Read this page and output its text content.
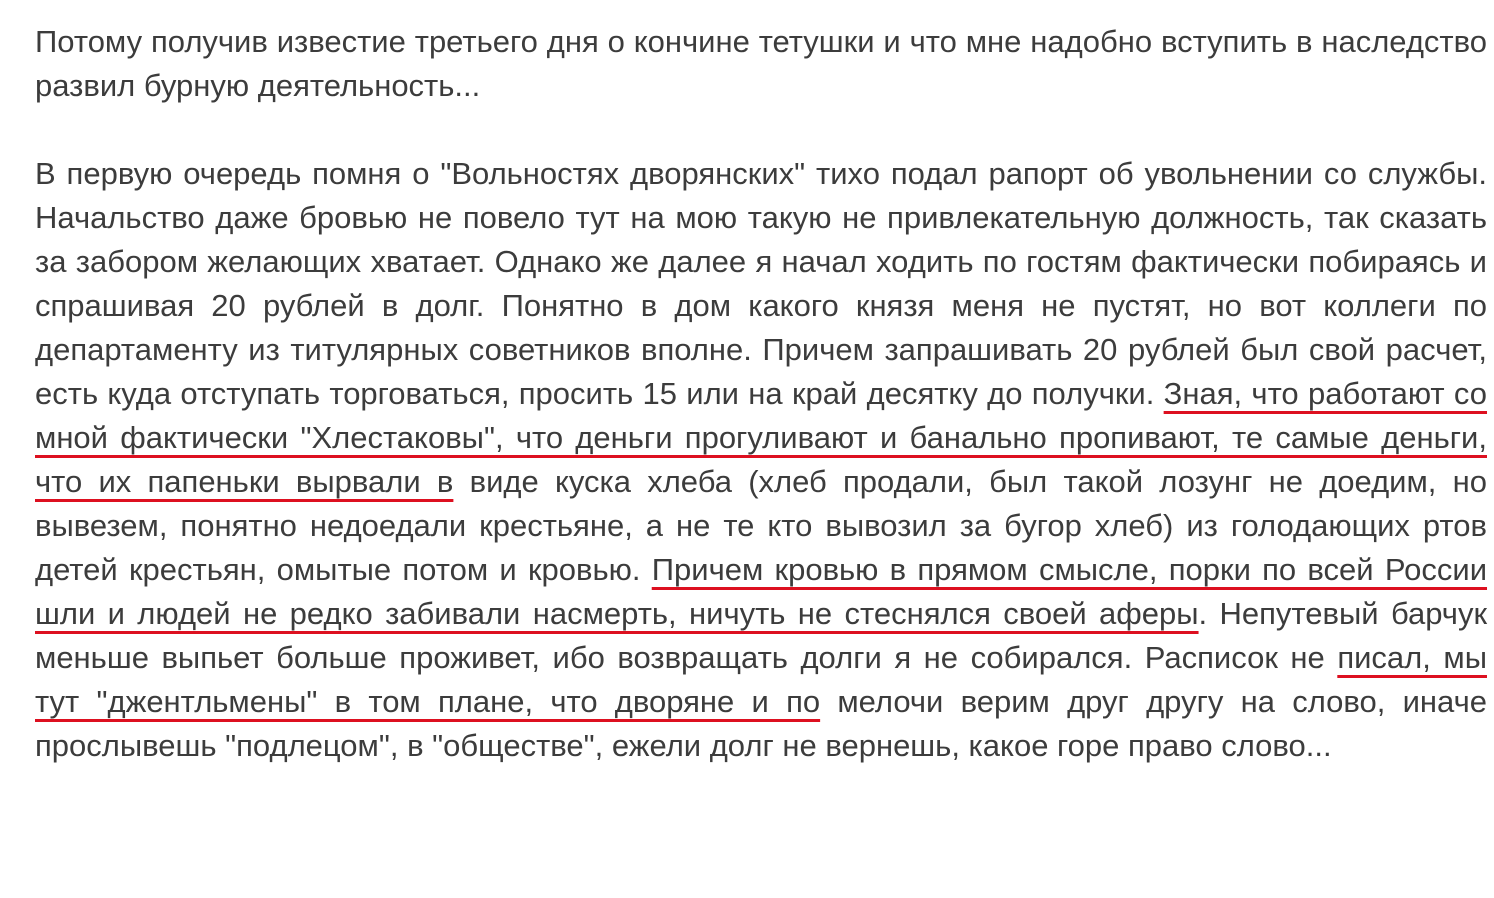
Потому получив известие третьего дня о кончине тетушки и что мне надобно вступить в наследство развил бурную деятельность...

В первую очередь помня о "Вольностях дворянских" тихо подал рапорт об увольнении со службы. Начальство даже бровью не повело тут на мою такую не привлекательную должность, так сказать за забором желающих хватает. Однако же далее я начал ходить по гостям фактически побираясь и спрашивая 20 рублей в долг. Понятно в дом какого князя меня не пустят, но вот коллеги по департаменту из титулярных советников вполне. Причем запрашивать 20 рублей был свой расчет, есть куда отступать торговаться, просить 15 или на край десятку до получки. Зная, что работают со мной фактически "Хлестаковы", что деньги прогуливают и банально пропивают, те самые деньги, что их папеньки вырвали в виде куска хлеба (хлеб продали, был такой лозунг не доедим, но вывезем, понятно недоедали крестьяне, а не те кто вывозил за бугор хлеб) из голодающих ртов детей крестьян, омытые потом и кровью. Причем кровью в прямом смысле, порки по всей России шли и людей не редко забивали насмерть, ничуть не стеснялся своей аферы. Непутевый барчук меньше выпьет больше проживет, ибо возвращать долги я не собирался. Расписок не писал, мы тут "джентльмены" в том плане, что дворяне и по мелочи верим друг другу на слово, иначе прослывешь "подлецом", в "обществе", ежели долг не вернешь, какое горе право слово...
